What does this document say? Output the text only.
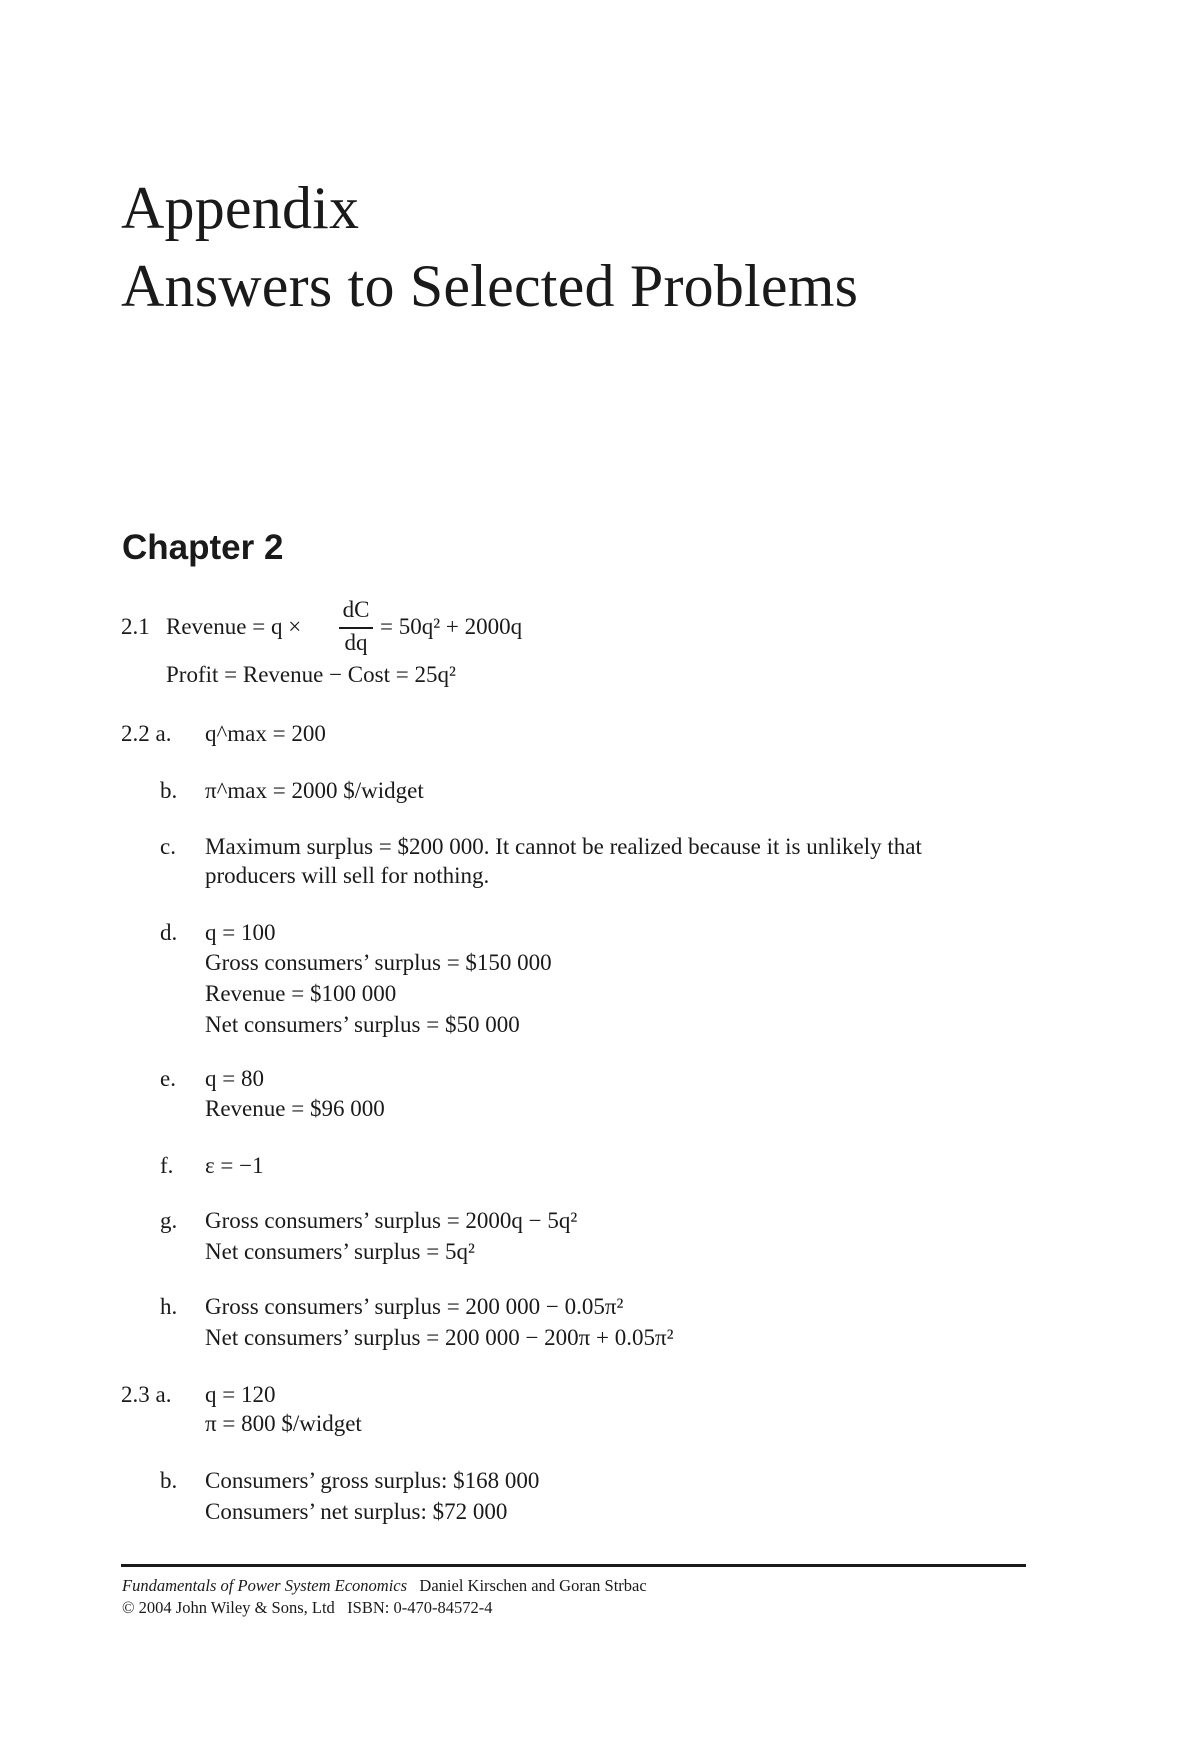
Appendix
Answers to Selected Problems
Chapter 2
2.1 Revenue = q ×
dC
dq
= 50q² + 2000q
Profit = Revenue − Cost = 25q²
2.2 a. q^max = 200
b. π^max = 2000 $/widget
c. Maximum surplus = $200 000. It cannot be realized because it is unlikely that
producers will sell for nothing.
d. q = 100
Gross consumers’ surplus = $150 000
Revenue = $100 000
Net consumers’ surplus = $50 000
e. q = 80
Revenue = $96 000
f. ε = −1
g. Gross consumers’ surplus = 2000q − 5q²
Net consumers’ surplus = 5q²
h. Gross consumers’ surplus = 200 000 − 0.05π²
Net consumers’ surplus = 200 000 − 200π + 0.05π²
2.3 a. q = 120
π = 800 $/widget
b. Consumers’ gross surplus: $168 000
Consumers’ net surplus: $72 000
Fundamentals of Power System Economics Daniel Kirschen and Goran Strbac
© 2004 John Wiley & Sons, Ltd ISBN: 0-470-84572-4
